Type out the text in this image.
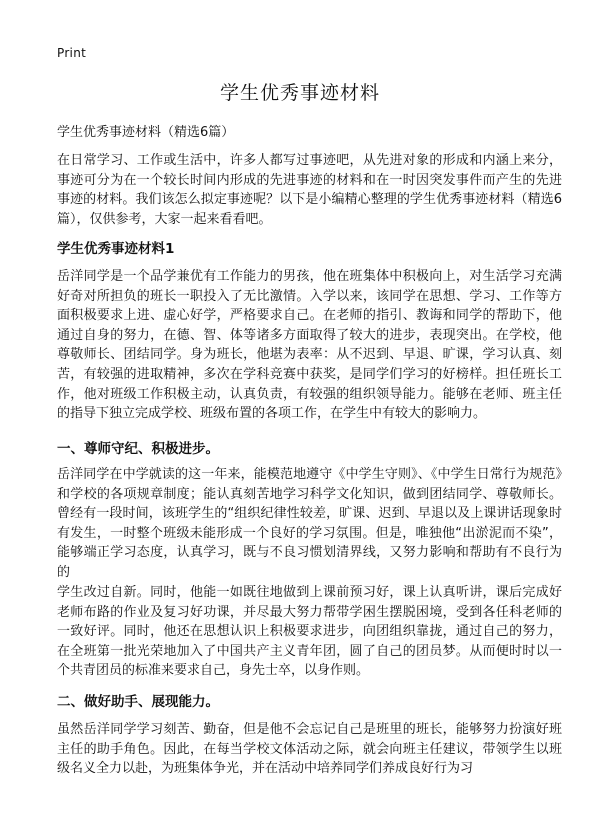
Print
学生优秀事迹材料
学生优秀事迹材料（精选6篇）
在日常学习、工作或生活中，许多人都写过事迹吧，从先进对象的形成和内涵上来分，事迹可分为在一个较长时间内形成的先进事迹的材料和在一时因突发事件而产生的先进事迹的材料。我们该怎么拟定事迹呢？以下是小编精心整理的学生优秀事迹材料（精选6篇），仅供参考，大家一起来看看吧。
学生优秀事迹材料1
岳洋同学是一个品学兼优有工作能力的男孩，他在班集体中积极向上，对生活学习充满好奇对所担负的班长一职投入了无比激情。入学以来，该同学在思想、学习、工作等方面积极要求上进、虚心好学，严格要求自己。在老师的指引、教诲和同学的帮助下，他通过自身的努力，在德、智、体等诸多方面取得了较大的进步，表现突出。在学校，他尊敬师长、团结同学。身为班长，他堪为表率：从不迟到、早退、旷课，学习认真、刻苦，有较强的进取精神，多次在学科竞赛中获奖，是同学们学习的好榜样。担任班长工作，他对班级工作积极主动，认真负责，有较强的组织领导能力。能够在老师、班主任的指导下独立完成学校、班级布置的各项工作，在学生中有较大的影响力。
一、尊师守纪、积极进步。
岳洋同学在中学就读的这一年来，能模范地遵守《中学生守则》、《中学生日常行为规范》和学校的各项规章制度；能认真刻苦地学习科学文化知识，做到团结同学、尊敬师长。曾经有一段时间，该班学生的“组织纪律性较差，旷课、迟到、早退以及上课讲话现象时有发生，一时整个班级未能形成一个良好的学习氛围。但是，唯独他“出淤泥而不染”，能够端正学习态度，认真学习，既与不良习惯划清界线，又努力影响和帮助有不良行为的
学生改过自新。同时，他能一如既往地做到上课前预习好，课上认真听讲，课后完成好老师布路的作业及复习好功课，并尽最大努力帮带学困生摆脱困境，受到各任科老师的一致好评。同时，他还在思想认识上积极要求进步，向团组织靠拢，通过自己的努力，在全班第一批光荣地加入了中国共产主义青年团，圆了自己的团员梦。从而便时时以一个共青团员的标准来要求自己，身先士卒，以身作则。
二、做好助手、展现能力。
虽然岳洋同学学习刻苦、勤奋，但是他不会忘记自己是班里的班长，能够努力扮演好班主任的助手角色。因此，在每当学校文体活动之际，就会向班主任建议，带领学生以班级名义全力以赴，为班集体争光，并在活动中培养同学们养成良好行为习
